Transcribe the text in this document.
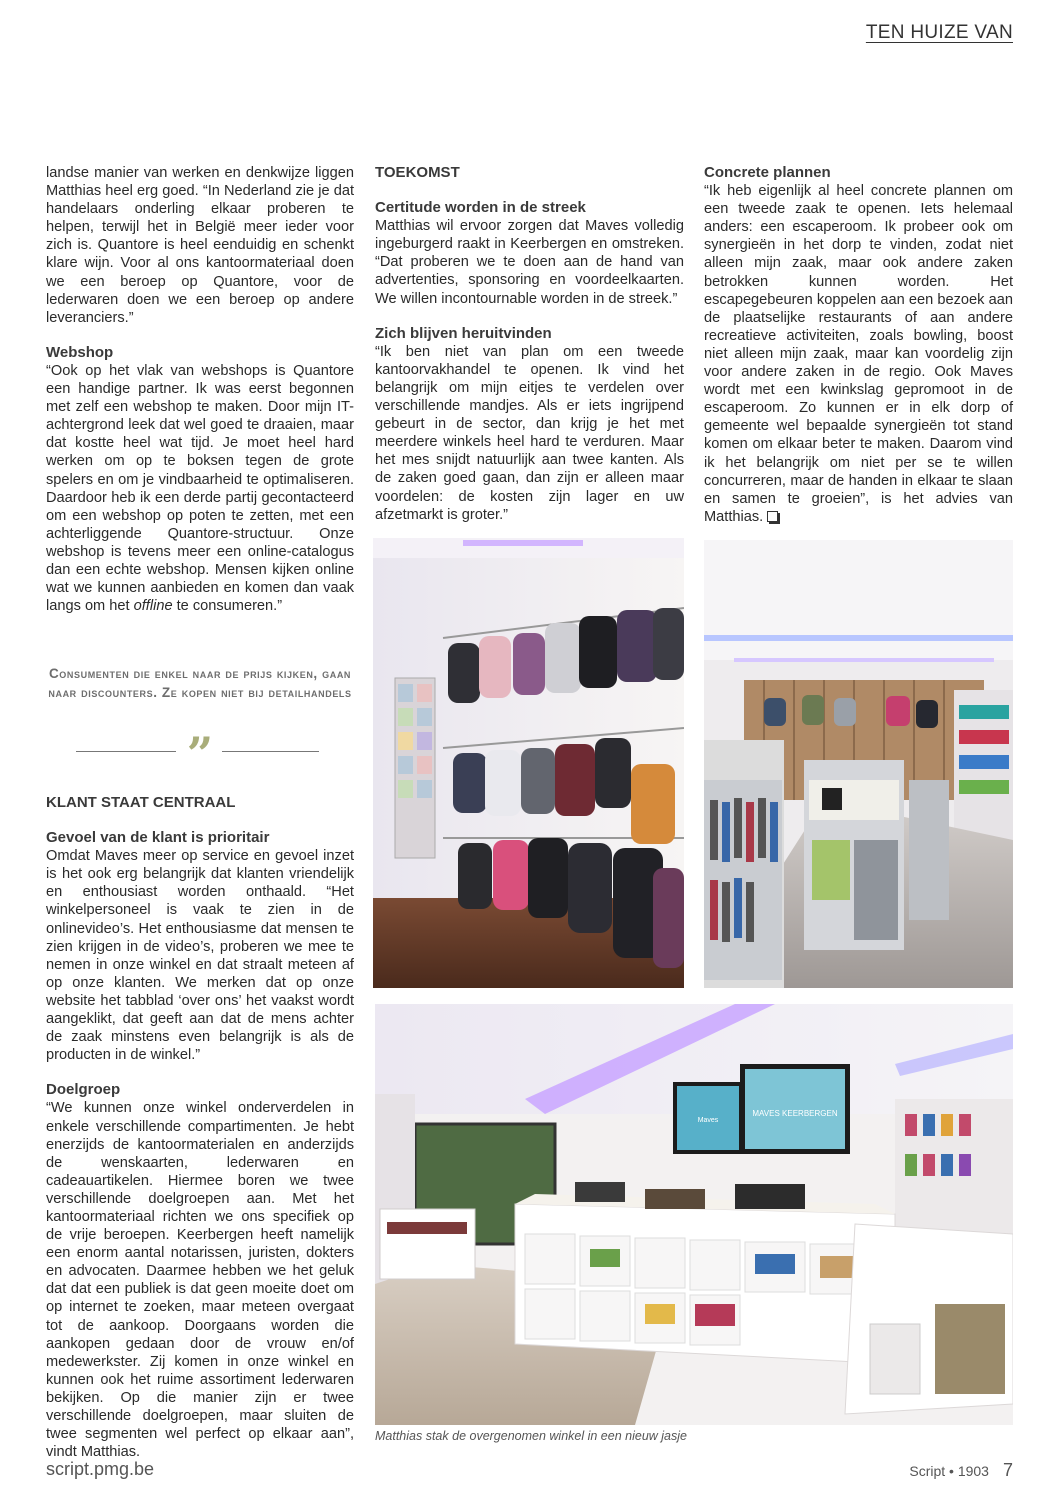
TEN HUIZE VAN

landse manier van werken en denkwijze liggen Matthias heel erg goed. “In Nederland zie je dat handelaars onderling elkaar proberen te helpen, terwijl het in België meer ieder voor zich is. Quantore is heel eenduidig en schenkt klare wijn. Voor al ons kantoormateriaal doen we een beroep op Quantore, voor de lederwaren doen we een beroep op andere leveranciers.”

Webshop

“Ook op het vlak van webshops is Quantore een handige partner. Ik was eerst begonnen met zelf een webshop te maken. Door mijn IT-achtergrond leek dat wel goed te draaien, maar dat kostte heel wat tijd. Je moet heel hard werken om op te boksen tegen de grote spelers en om je vindbaarheid te optimaliseren. Daardoor heb ik een derde partij gecontacteerd om een webshop op poten te zetten, met een achterliggende Quantore-structuur. Onze webshop is tevens meer een online-catalogus dan een echte webshop. Mensen kijken online wat we kunnen aanbieden en komen dan vaak langs om het offline te consumeren.”

Consumenten die enkel naar de prijs kijken, gaan naar discounters. Ze kopen niet bij detailhandels
”
KLANT STAAT CENTRAAL
Gevoel van de klant is prioritair

Omdat Maves meer op service en gevoel inzet is het ook erg belangrijk dat klanten vriendelijk en enthousiast worden onthaald. “Het winkelpersoneel is vaak te zien in de onlinevideo’s. Het enthousiasme dat mensen te zien krijgen in de video’s, proberen we mee te nemen in onze winkel en dat straalt meteen af op onze klanten. We merken dat op onze website het tabblad ‘over ons’ het vaakst wordt aangeklikt, dat geeft aan dat de mens achter de zaak minstens even belangrijk is als de producten in de winkel.”

Doelgroep

“We kunnen onze winkel onderverdelen in enkele verschillende compartimenten. Je hebt enerzijds de kantoormaterialen en anderzijds de wenskaarten, lederwaren en cadeauartikelen. Hiermee boren we twee verschillende doelgroepen aan. Met het kantoormateriaal richten we ons specifiek op de vrije beroepen. Keerbergen heeft namelijk een enorm aantal notarissen, juristen, dokters en advocaten. Daarmee hebben we het geluk dat dat een publiek is dat geen moeite doet om op internet te zoeken, maar meteen overgaat tot de aankoop. Doorgaans worden die aankopen gedaan door de vrouw en/of medewerkster. Zij komen in onze winkel en kunnen ook het ruime assortiment lederwaren bekijken. Op die manier zijn er twee verschillende doelgroepen, maar sluiten de twee segmenten wel perfect op elkaar aan”, vindt Matthias.

TOEKOMST
Certitude worden in de streek

Matthias wil ervoor zorgen dat Maves volledig ingeburgerd raakt in Keerbergen en omstreken. “Dat proberen we te doen aan de hand van advertenties, sponsoring en voordeelkaarten. We willen incontournable worden in de streek.”

Zich blijven heruitvinden

“Ik ben niet van plan om een tweede kantoorvakhandel te openen. Ik vind het belangrijk om mijn eitjes te verdelen over verschillende mandjes. Als er iets ingrijpend gebeurt in de sector, dan krijg je het met meerdere winkels heel hard te verduren. Maar het mes snijdt natuurlijk aan twee kanten. Als de zaken goed gaan, dan zijn er alleen maar voordelen: de kosten zijn lager en uw afzetmarkt is groter.”

Concrete plannen

“Ik heb eigenlijk al heel concrete plannen om een tweede zaak te openen. Iets helemaal anders: een escaperoom. Ik probeer ook om synergieën in het dorp te vinden, zodat niet alleen mijn zaak, maar ook andere zaken betrokken kunnen worden. Het escapegebeuren koppelen aan een bezoek aan de plaatselijke restaurants of aan andere recreatieve activiteiten, zoals bowling, boost niet alleen mijn zaak, maar kan voordelig zijn voor andere zaken in de regio. Ook Maves wordt met een kwinkslag gepromoot in de escaperoom. Zo kunnen er in elk dorp of gemeente wel bepaalde synergieën tot stand komen om elkaar beter te maken. Daarom vind ik het belangrijk om niet per se te willen concurreren, maar de handen in elkaar te slaan en samen te groeien”, is het advies van Matthias.

MAVES KEERBERGEN
Maves
Matthias stak de overgenomen winkel in een nieuw jasje
script.pmg.be	Script • 1903 7
